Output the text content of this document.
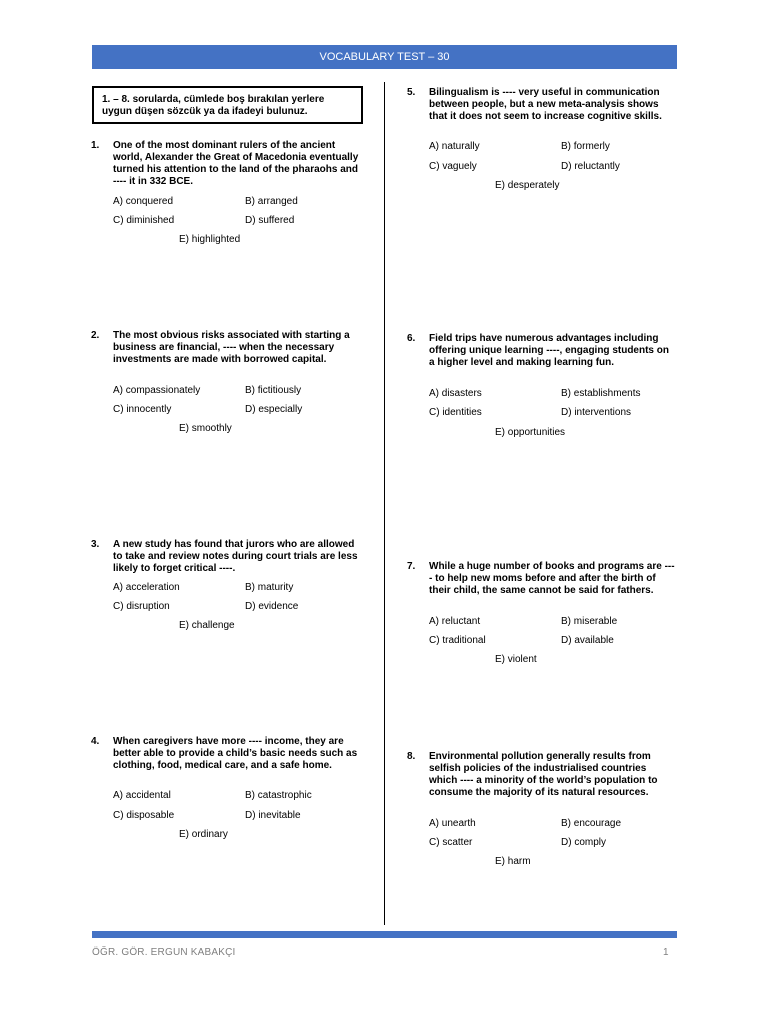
VOCABULARY TEST – 30
1. – 8. sorularda, cümlede boş bırakılan yerlere uygun düşen sözcük ya da ifadeyi bulunuz.
1. One of the most dominant rulers of the ancient world, Alexander the Great of Macedonia eventually turned his attention to the land of the pharaohs and ---- it in 332 BCE.
A) conquered	B) arranged
C) diminished	D) suffered
E) highlighted
2. The most obvious risks associated with starting a business are financial, ---- when the necessary investments are made with borrowed capital.
A) compassionately	B) fictitiously
C) innocently	D) especially
E) smoothly
3. A new study has found that jurors who are allowed to take and review notes during court trials are less likely to forget critical ----.
A) acceleration	B) maturity
C) disruption	D) evidence
E) challenge
4. When caregivers have more ---- income, they are better able to provide a child’s basic needs such as clothing, food, medical care, and a safe home.
A) accidental	B) catastrophic
C) disposable	D) inevitable
E) ordinary
5. Bilingualism is ---- very useful in communication between people, but a new meta-analysis shows that it does not seem to increase cognitive skills.
A) naturally	B) formerly
C) vaguely	D) reluctantly
E) desperately
6. Field trips have numerous advantages including offering unique learning ----, engaging students on a higher level and making learning fun.
A) disasters	B) establishments
C) identities	D) interventions
E) opportunities
7. While a huge number of books and programs are ---- to help new moms before and after the birth of their child, the same cannot be said for fathers.
A) reluctant	B) miserable
C) traditional	D) available
E) violent
8. Environmental pollution generally results from selfish policies of the industrialised countries which ---- a minority of the world’s population to consume the majority of its natural resources.
A) unearth	B) encourage
C) scatter	D) comply
E) harm
ÖĞR. GÖR. ERGUN KABAKÇI	1
